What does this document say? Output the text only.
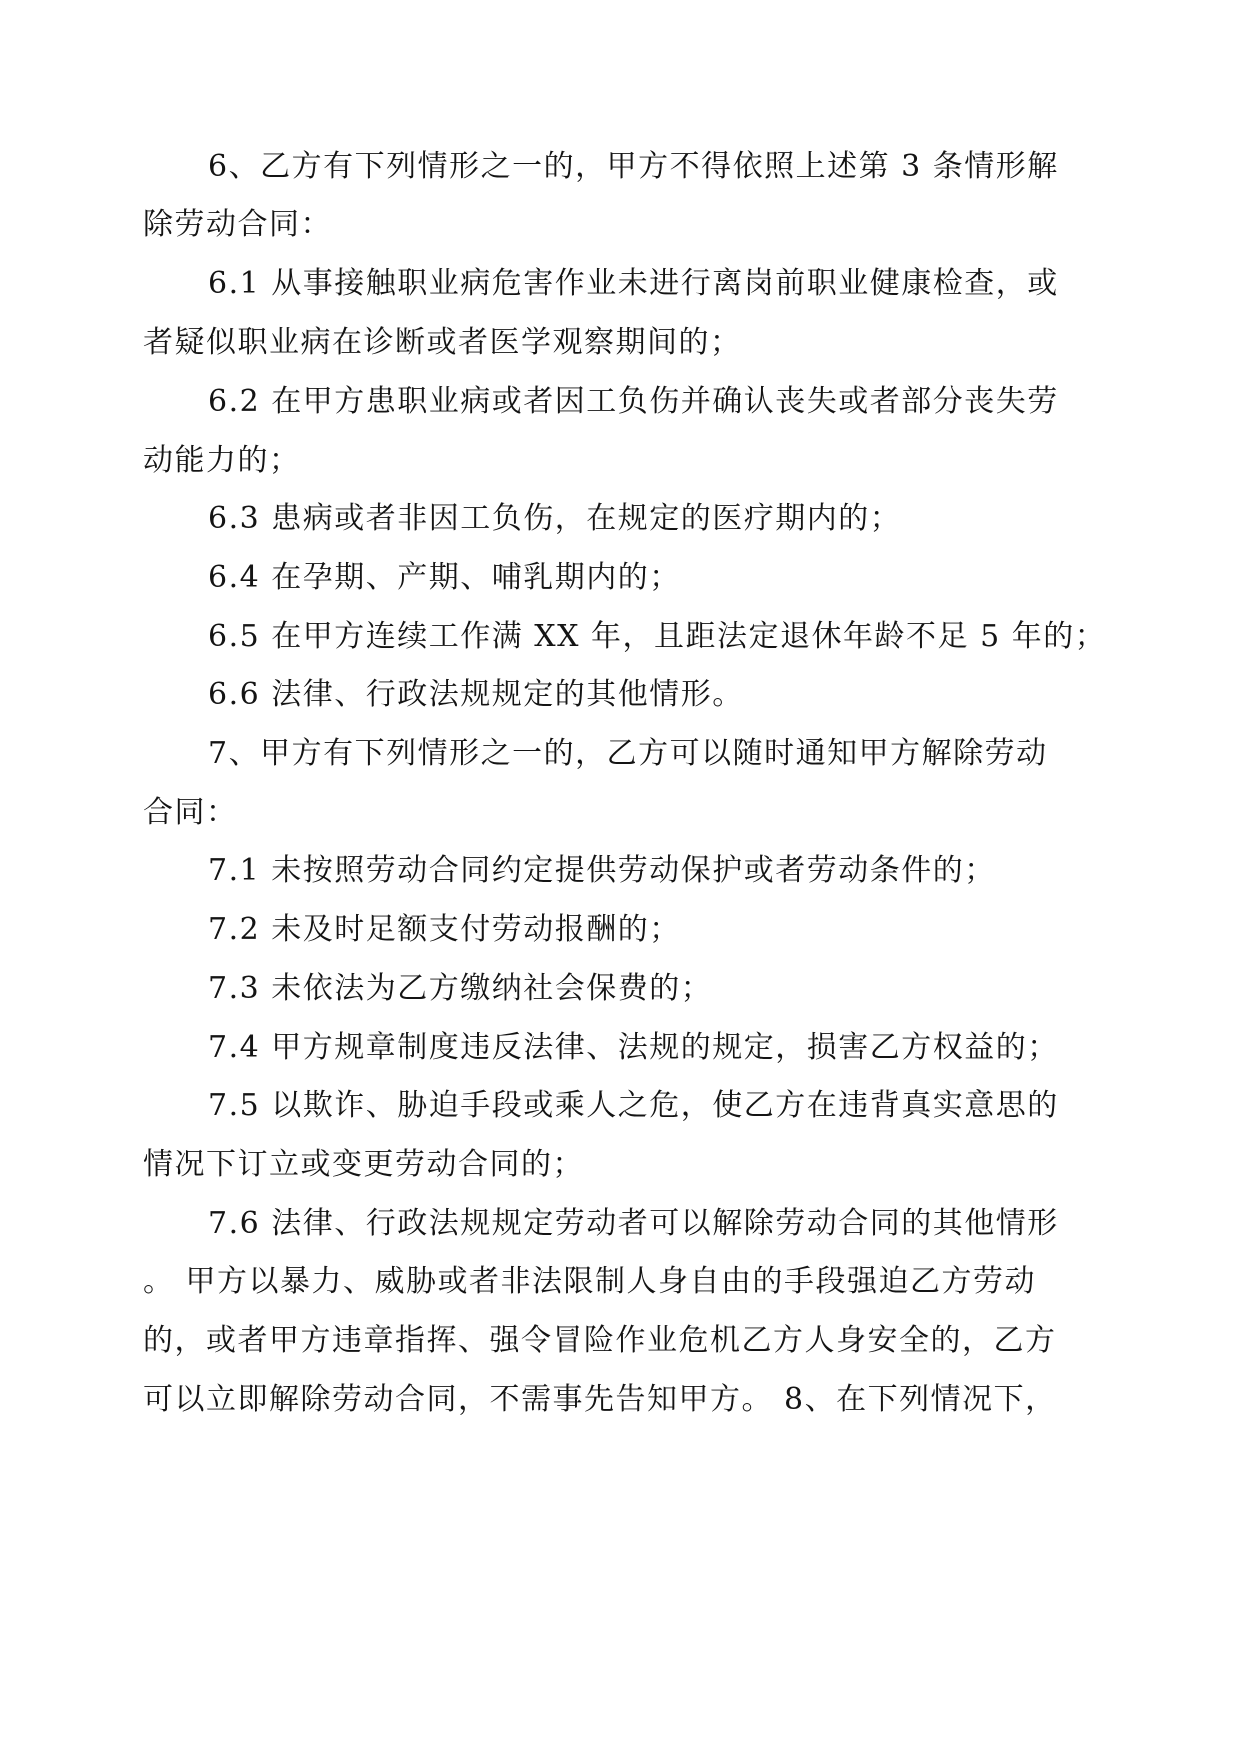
6、乙方有下列情形之一的，甲方不得依照上述第 3 条情形解
除劳动合同：
6.1 从事接触职业病危害作业未进行离岗前职业健康检查，或
者疑似职业病在诊断或者医学观察期间的；
6.2 在甲方患职业病或者因工负伤并确认丧失或者部分丧失劳
动能力的；
6.3 患病或者非因工负伤，在规定的医疗期内的；
6.4 在孕期、产期、哺乳期内的；
6.5 在甲方连续工作满 XX 年，且距法定退休年龄不足 5 年的；
6.6 法律、行政法规规定的其他情形。
7、甲方有下列情形之一的，乙方可以随时通知甲方解除劳动
合同：
7.1 未按照劳动合同约定提供劳动保护或者劳动条件的；
7.2 未及时足额支付劳动报酬的；
7.3 未依法为乙方缴纳社会保费的；
7.4 甲方规章制度违反法律、法规的规定，损害乙方权益的；
7.5 以欺诈、胁迫手段或乘人之危，使乙方在违背真实意思的
情况下订立或变更劳动合同的；
7.6 法律、行政法规规定劳动者可以解除劳动合同的其他情形
。 甲方以暴力、威胁或者非法限制人身自由的手段强迫乙方劳动
的，或者甲方违章指挥、强令冒险作业危机乙方人身安全的，乙方
可以立即解除劳动合同，不需事先告知甲方。 8、在下列情况下，
